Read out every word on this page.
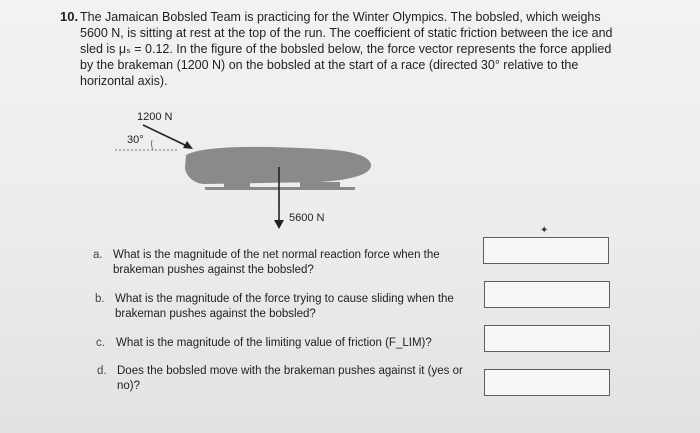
10. The Jamaican Bobsled Team is practicing for the Winter Olympics. The bobsled, which weighs

5600 N, is sitting at rest at the top of the run. The coefficient of static friction between the ice and

sled is μₛ = 0.12. In the figure of the bobsled below, the force vector represents the force applied

by the brakeman (1200 N) on the bobsled at the start of a race (directed 30° relative to the

horizontal axis).

1200 N
30°
5600 N
a. What is the magnitude of the net normal reaction force when the brakeman pushes against the bobsled?
b. What is the magnitude of the force trying to cause sliding when the brakeman pushes against the bobsled?
c. What is the magnitude of the limiting value of friction (F_LIM)?
d. Does the bobsled move with the brakeman pushes against it (yes or no)?
✦
